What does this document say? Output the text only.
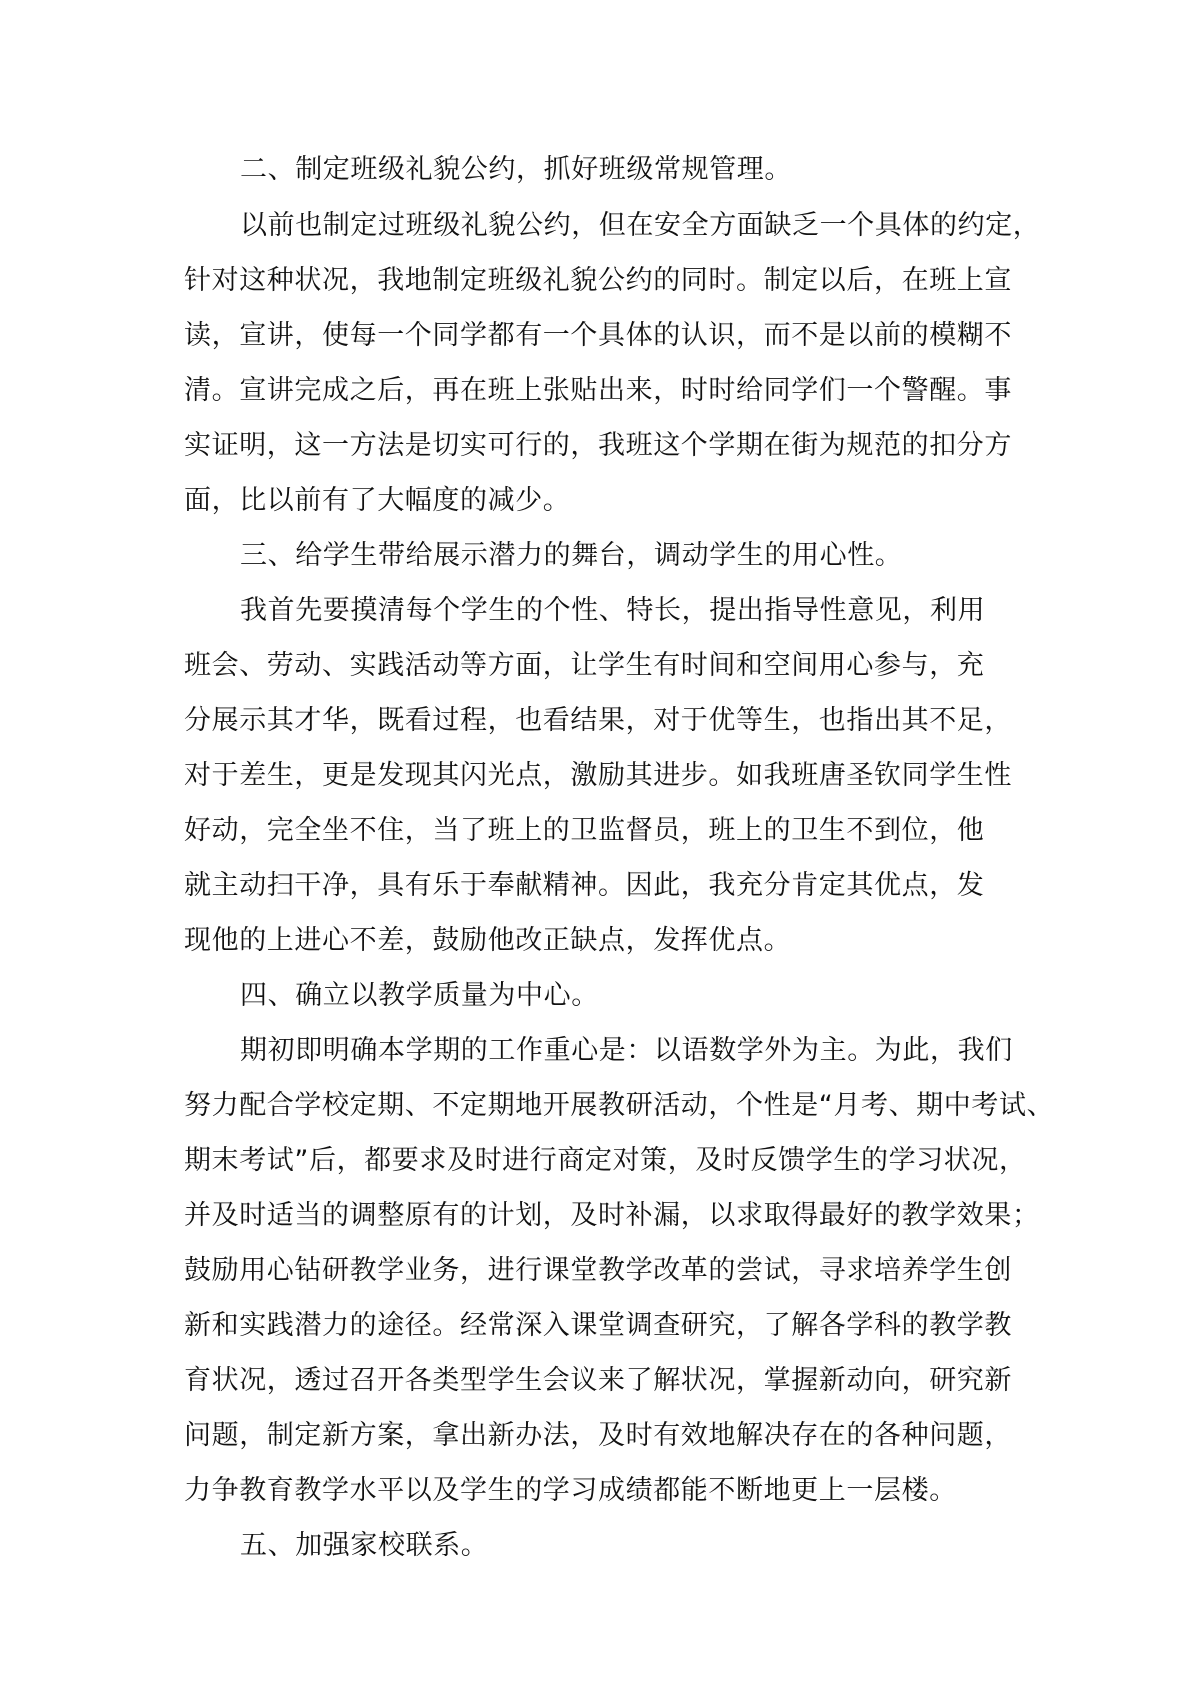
二、制定班级礼貌公约，抓好班级常规管理。
以前也制定过班级礼貌公约，但在安全方面缺乏一个具体的约定，
针对这种状况，我地制定班级礼貌公约的同时。制定以后，在班上宣
读，宣讲，使每一个同学都有一个具体的认识，而不是以前的模糊不
清。宣讲完成之后，再在班上张贴出来，时时给同学们一个警醒。事
实证明，这一方法是切实可行的，我班这个学期在街为规范的扣分方
面，比以前有了大幅度的减少。
三、给学生带给展示潜力的舞台，调动学生的用心性。
我首先要摸清每个学生的个性、特长，提出指导性意见，利用
班会、劳动、实践活动等方面，让学生有时间和空间用心参与，充
分展示其才华，既看过程，也看结果，对于优等生，也指出其不足，
对于差生，更是发现其闪光点，激励其进步。如我班唐圣钦同学生性
好动，完全坐不住，当了班上的卫监督员，班上的卫生不到位，他
就主动扫干净，具有乐于奉献精神。因此，我充分肯定其优点，发
现他的上进心不差，鼓励他改正缺点，发挥优点。
四、确立以教学质量为中心。
期初即明确本学期的工作重心是：以语数学外为主。为此，我们
努力配合学校定期、不定期地开展教研活动，个性是“月考、期中考试、
期末考试”后，都要求及时进行商定对策，及时反馈学生的学习状况，
并及时适当的调整原有的计划，及时补漏，以求取得最好的教学效果；
鼓励用心钻研教学业务，进行课堂教学改革的尝试，寻求培养学生创
新和实践潜力的途径。经常深入课堂调查研究，了解各学科的教学教
育状况，透过召开各类型学生会议来了解状况，掌握新动向，研究新
问题，制定新方案，拿出新办法，及时有效地解决存在的各种问题，
力争教育教学水平以及学生的学习成绩都能不断地更上一层楼。
五、加强家校联系。
